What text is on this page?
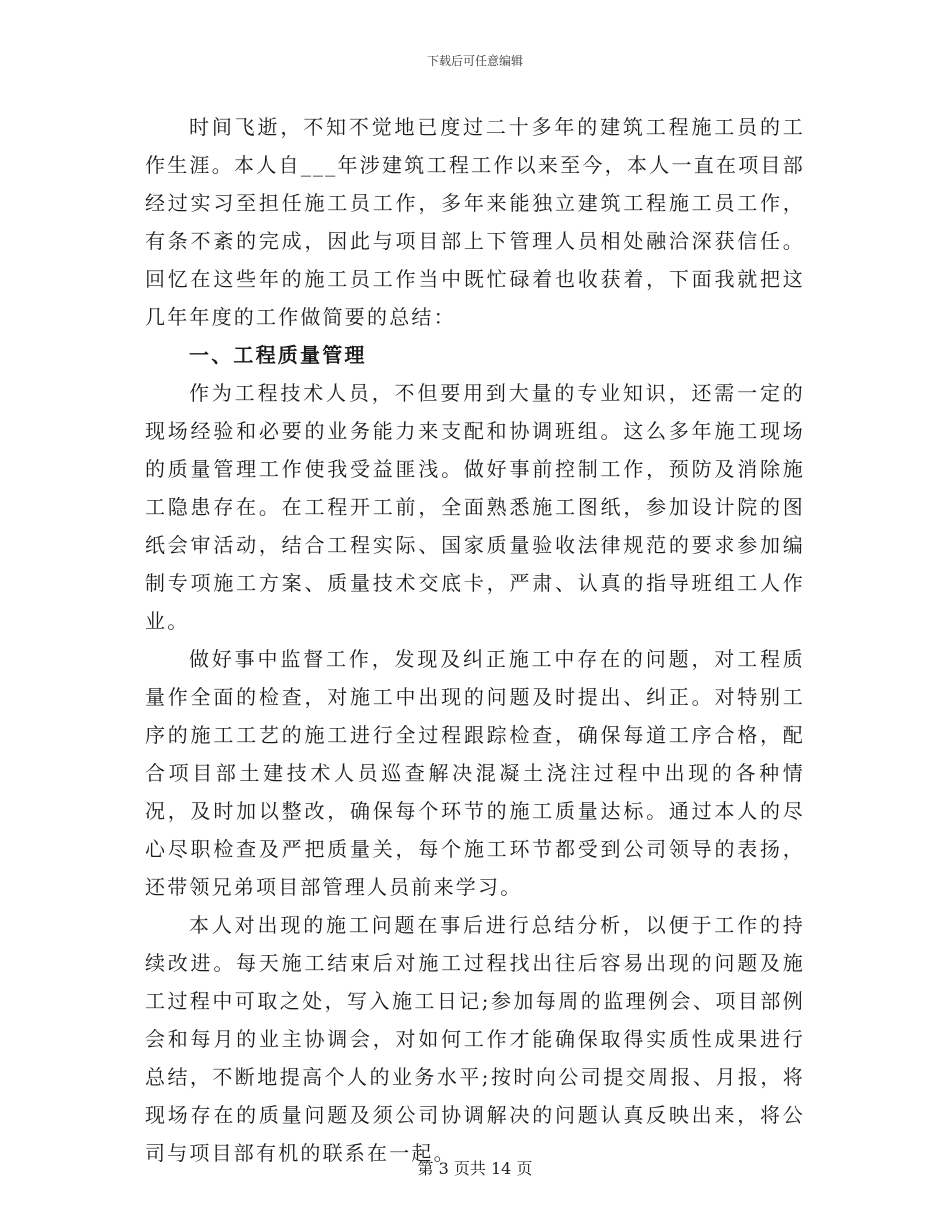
下载后可任意编辑

时间飞逝，不知不觉地已度过二十多年的建筑工程施工员的工作生涯。本人自___年涉建筑工程工作以来至今，本人一直在项目部经过实习至担任施工员工作，多年来能独立建筑工程施工员工作，有条不紊的完成，因此与项目部上下管理人员相处融洽深获信任。回忆在这些年的施工员工作当中既忙碌着也收获着，下面我就把这几年年度的工作做简要的总结：

一、工程质量管理

作为工程技术人员，不但要用到大量的专业知识，还需一定的现场经验和必要的业务能力来支配和协调班组。这么多年施工现场的质量管理工作使我受益匪浅。做好事前控制工作，预防及消除施工隐患存在。在工程开工前，全面熟悉施工图纸，参加设计院的图纸会审活动，结合工程实际、国家质量验收法律规范的要求参加编制专项施工方案、质量技术交底卡，严肃、认真的指导班组工人作业。

做好事中监督工作，发现及纠正施工中存在的问题，对工程质量作全面的检查，对施工中出现的问题及时提出、纠正。对特别工序的施工工艺的施工进行全过程跟踪检查，确保每道工序合格，配合项目部土建技术人员巡查解决混凝土浇注过程中出现的各种情况，及时加以整改，确保每个环节的施工质量达标。通过本人的尽心尽职检查及严把质量关，每个施工环节都受到公司领导的表扬，还带领兄弟项目部管理人员前来学习。

本人对出现的施工问题在事后进行总结分析，以便于工作的持续改进。每天施工结束后对施工过程找出往后容易出现的问题及施工过程中可取之处，写入施工日记;参加每周的监理例会、项目部例会和每月的业主协调会，对如何工作才能确保取得实质性成果进行总结，不断地提高个人的业务水平;按时向公司提交周报、月报，将现场存在的质量问题及须公司协调解决的问题认真反映出来，将公司与项目部有机的联系在一起。

第 3 页共 14 页
